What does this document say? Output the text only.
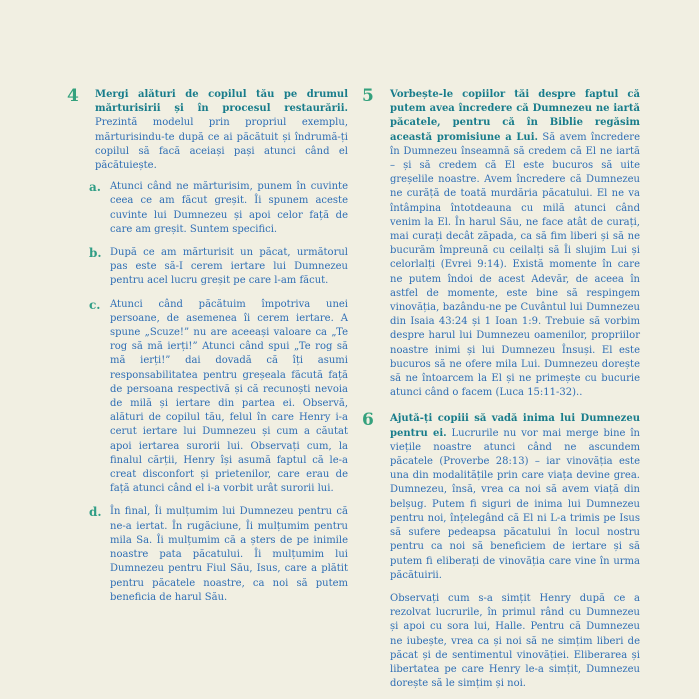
4	Mergi alături de copilul tău pe drumul mărturisirii și în procesul restaurării. Prezintă modelul prin propriul exemplu, mărturisindu-te după ce ai păcătuit și îndrumă-ți copilul să facă aceiași pași atunci când el păcătuiește.

a. Atunci când ne mărturisim, punem în cuvinte ceea ce am făcut greșit. Îi spunem aceste cuvinte lui Dumnezeu și apoi celor față de care am greșit. Suntem specifici.

b. După ce am mărturisit un păcat, următorul pas este să-I cerem iertare lui Dumnezeu pentru acel lucru greșit pe care l-am făcut.

c. Atunci când păcătuim împotriva unei persoane, de asemenea îi cerem iertare. A spune „Scuze!” nu are aceeași valoare ca „Te rog să mă ierți!” Atunci când spui „Te rog să mă ierți!” dai dovadă că îți asumi responsabilitatea pentru greșeala făcută față de persoana respectivă și că recunoști nevoia de milă și iertare din partea ei. Observă, alături de copilul tău, felul în care Henry i-a cerut iertare lui Dumnezeu și cum a căutat apoi iertarea surorii lui. Observați cum, la finalul cărții, Henry își asumă faptul că le-a creat disconfort și prietenilor, care erau de față atunci când el i-a vorbit urât surorii lui.

d. În final, Îi mulțumim lui Dumnezeu pentru că ne-a iertat. În rugăciune, Îi mulțumim pentru mila Sa. Îi mulțumim că a șters de pe inimile noastre pata păcatului. Îi mulțumim lui Dumnezeu pentru Fiul Său, Isus, care a plătit pentru păcatele noastre, ca noi să putem beneficia de harul Său.

5	Vorbește-le copiilor tăi despre faptul că putem avea încredere că Dumnezeu ne iartă păcatele, pentru că în Biblie regăsim această promisiune a Lui. Să avem încredere în Dumnezeu înseamnă să credem că El ne iartă – și să credem că El este bucuros să uite greșelile noastre. Avem încredere că Dumnezeu ne curăță de toată murdăria păcatului. El ne va întâmpina întotdeauna cu milă atunci când venim la El. În harul Său, ne face atât de curați, mai curați decât zăpada, ca să fim liberi și să ne bucurăm împreună cu ceilalți să Îi slujim Lui și celorlalți (Evrei 9:14). Există momente în care ne putem îndoi de acest Adevăr, de aceea în astfel de momente, este bine să respingem vinovăția, bazându-ne pe Cuvântul lui Dumnezeu din Isaia 43:24 și 1 Ioan 1:9. Trebuie să vorbim despre harul lui Dumnezeu oamenilor, propriilor noastre inimi și lui Dumnezeu Însuși. El este bucuros să ne ofere mila Lui. Dumnezeu dorește să ne întoarcem la El și ne primește cu bucurie atunci când o facem (Luca 15:11-32)..

6	Ajută-ți copiii să vadă inima lui Dumnezeu pentru ei. Lucrurile nu vor mai merge bine în viețile noastre atunci când ne ascundem păcatele (Proverbe 28:13) – iar vinovăția este una din modalitățile prin care viața devine grea. Dumnezeu, însă, vrea ca noi să avem viață din belșug. Putem fi siguri de inima lui Dumnezeu pentru noi, înțelegând că El ni L-a trimis pe Isus să sufere pedeapsa păcatului în locul nostru pentru ca noi să beneficiem de iertare și să putem fi eliberați de vinovăția care vine în urma păcătuirii.

Observați cum s-a simțit Henry după ce a rezolvat lucrurile, în primul rând cu Dumnezeu și apoi cu sora lui, Halle. Pentru că Dumnezeu ne iubește, vrea ca și noi să ne simțim liberi de păcat și de sentimentul vinovăției. Eliberarea și libertatea pe care Henry le-a simțit, Dumnezeu dorește să le simțim și noi.
